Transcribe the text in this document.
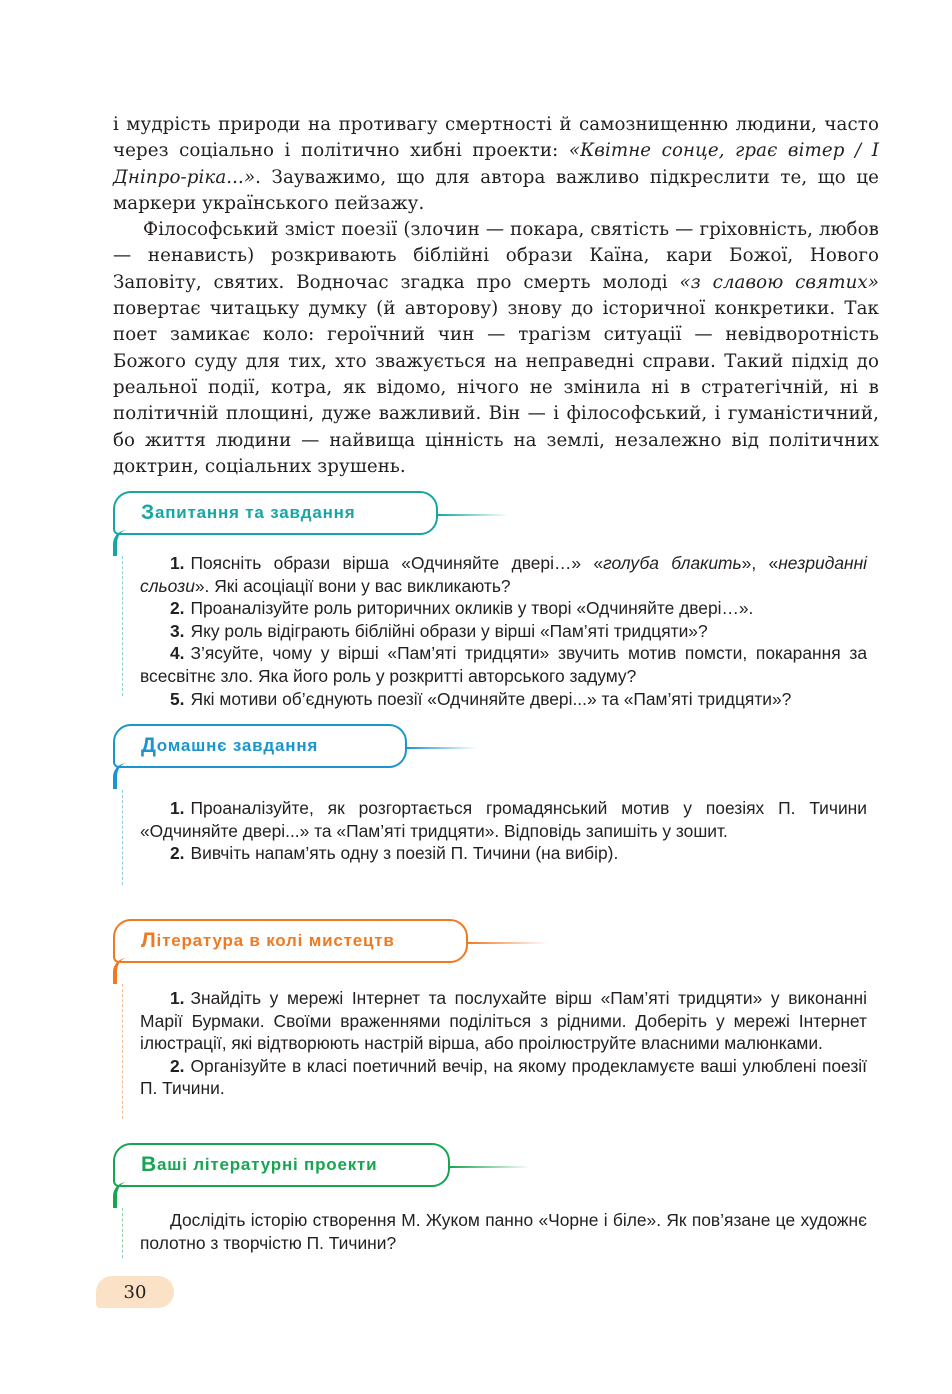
і мудрість природи на противагу смертності й самознищенню людини, часто через соціально і політично хибні проекти: «Квітне сонце, грає вітер / І Дніпро-ріка...». Зауважимо, що для автора важливо підкреслити те, що це маркери українського пейзажу.

Філософський зміст поезії (злочин — покара, святість — гріховність, любов — ненависть) розкривають біблійні образи Каїна, кари Божої, Нового Заповіту, святих. Водночас згадка про смерть молоді «з славою святих» повертає читацьку думку (й авторову) знову до історичної конкретики. Так поет замикає коло: героїчний чин — трагізм ситуації — невідворотність Божого суду для тих, хто зважується на неправедні справи. Такий підхід до реальної події, котра, як відомо, нічого не змінила ні в стратегічній, ні в політичній площині, дуже важливий. Він — і філософський, і гуманістичний, бо життя людини — найвища цінність на землі, незалежно від політичних доктрин, соціальних зрушень.

З апитання та завдання

1. Поясніть образи вірша «Одчиняйте двері…» «голуба блакить», «незриданні сльози». Які асоціації вони у вас викликають?

2. Проаналізуйте роль риторичних окликів у творі «Одчиняйте двері…».

3. Яку роль відіграють біблійні образи у вірші «Пам’яті тридцяти»?

4. З’ясуйте, чому у вірші «Пам’яті тридцяти» звучить мотив помсти, покарання за всесвітнє зло. Яка його роль у розкритті авторського задуму?

5. Які мотиви об’єднують поезії «Одчиняйте двері...» та «Пам’яті тридцяти»?

Д омашнє завдання

1. Проаналізуйте, як розгортається громадянський мотив у поезіях П. Тичини «Одчиняйте двері...» та «Пам’яті тридцяти». Відповідь запишіть у зошит.

2. Вивчіть напам’ять одну з поезій П. Тичини (на вибір).

Л ітература в колі мистецтв

1. Знайдіть у мережі Інтернет та послухайте вірш «Пам’яті тридцяти» у виконанні Марії Бурмаки. Своїми враженнями поділіться з рідними. Доберіть у мережі Інтернет ілюстрації, які відтворюють настрій вірша, або проілюструйте власними малюнками.

2. Організуйте в класі поетичний вечір, на якому продекламуєте ваші улюблені поезії П. Тичини.

В аші літературні проекти

Дослідіть історію створення М. Жуком панно «Чорне і біле». Як пов’язане це художнє полотно з творчістю П. Тичини?

30
